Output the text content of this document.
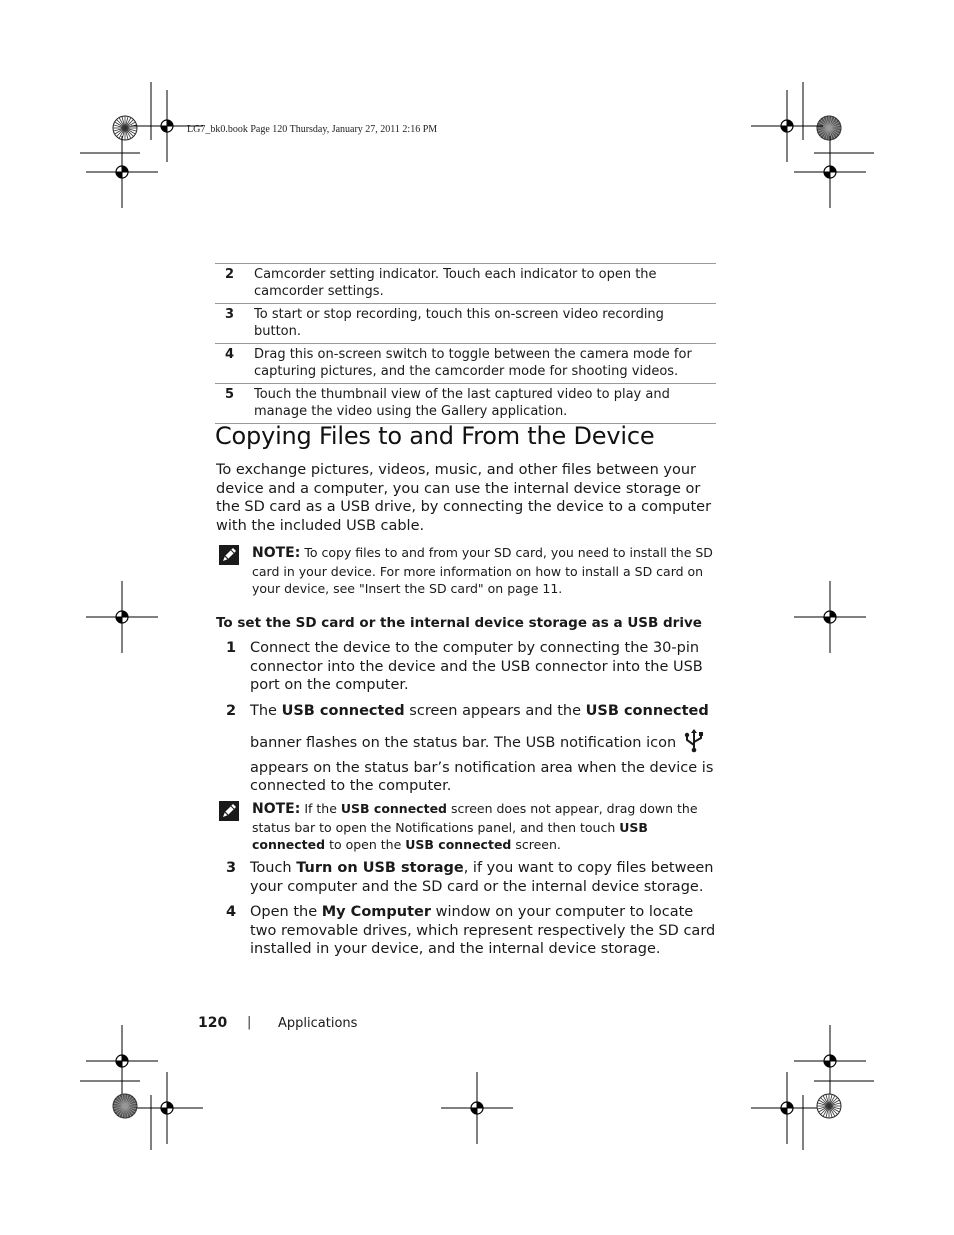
LG7_bk0.book Page 120 Thursday, January 27, 2011 2:16 PM
2	Camcorder setting indicator. Touch each indicator to open the camcorder settings.
3	To start or stop recording, touch this on-screen video recording button.
4	Drag this on-screen switch to toggle between the camera mode for capturing pictures, and the camcorder mode for shooting videos.
5	Touch the thumbnail view of the last captured video to play and manage the video using the Gallery application.
Copying Files to and From the Device
To exchange pictures, videos, music, and other files between your device and a computer, you can use the internal device storage or the SD card as a USB drive, by connecting the device to a computer with the included USB cable.
NOTE: To copy files to and from your SD card, you need to install the SD card in your device. For more information on how to install a SD card on your device, see "Insert the SD card" on page 11.
To set the SD card or the internal device storage as a USB drive
1 Connect the device to the computer by connecting the 30-pin connector into the device and the USB connector into the USB port on the computer.
2 The USB connected screen appears and the USB connected
banner flashes on the status bar. The USB notification icon
appears on the status bar’s notification area when the device is connected to the computer.
NOTE: If the USB connected screen does not appear, drag down the status bar to open the Notifications panel, and then touch USB connected to open the USB connected screen.
3 Touch Turn on USB storage, if you want to copy files between your computer and the SD card or the internal device storage.
4 Open the My Computer window on your computer to locate two removable drives, which represent respectively the SD card installed in your device, and the internal device storage.
120 | Applications
